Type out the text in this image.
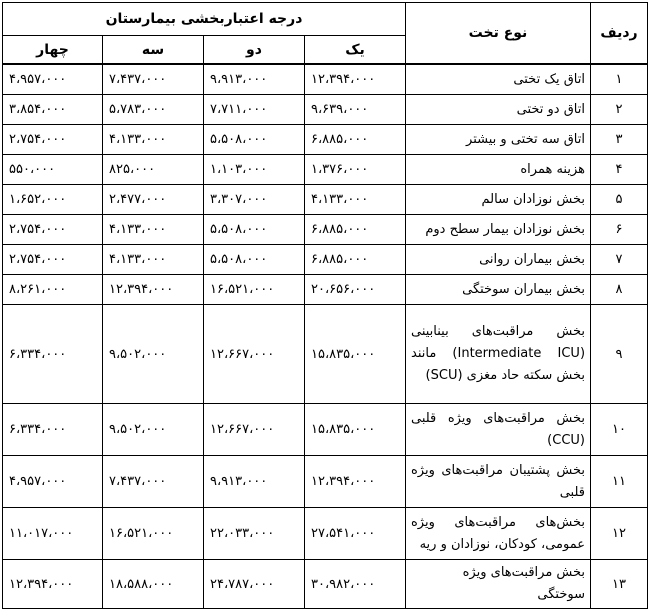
ردیف	نوع تخت	درجه اعتباربخشی بیمارستان			
		یک	دو	سه	چهار
۱	اتاق یک تختی	۱۲،۳۹۴،۰۰۰	۹،۹۱۳،۰۰۰	۷،۴۳۷،۰۰۰	۴،۹۵۷،۰۰۰
۲	اتاق دو تختی	۹،۶۳۹،۰۰۰	۷،۷۱۱،۰۰۰	۵،۷۸۳،۰۰۰	۳،۸۵۴،۰۰۰
۳	اتاق سه تختی و بیشتر	۶،۸۸۵،۰۰۰	۵،۵۰۸،۰۰۰	۴،۱۳۳،۰۰۰	۲،۷۵۴،۰۰۰
۴	هزینه همراه	۱،۳۷۶،۰۰۰	۱،۱۰۳،۰۰۰	۸۲۵،۰۰۰	۵۵۰،۰۰۰
۵	بخش نوزادان سالم	۴،۱۳۳،۰۰۰	۳،۳۰۷،۰۰۰	۲،۴۷۷،۰۰۰	۱،۶۵۲،۰۰۰
۶	بخش نوزادان بیمار سطح دوم	۶،۸۸۵،۰۰۰	۵،۵۰۸،۰۰۰	۴،۱۳۳،۰۰۰	۲،۷۵۴،۰۰۰
۷	بخش بیماران روانی	۶،۸۸۵،۰۰۰	۵،۵۰۸،۰۰۰	۴،۱۳۳،۰۰۰	۲،۷۵۴،۰۰۰
۸	بخش بیماران سوختگی	۲۰،۶۵۶،۰۰۰	۱۶،۵۲۱،۰۰۰	۱۲،۳۹۴،۰۰۰	۸،۲۶۱،۰۰۰
۹	بخش مراقبت‌های بینابینی (Intermediate ICU) مانند بخش سکته حاد مغزی (SCU)	۱۵،۸۳۵،۰۰۰	۱۲،۶۶۷،۰۰۰	۹،۵۰۲،۰۰۰	۶،۳۳۴،۰۰۰
۱۰	بخش مراقبت‌های ویژه قلبی (CCU)	۱۵،۸۳۵،۰۰۰	۱۲،۶۶۷،۰۰۰	۹،۵۰۲،۰۰۰	۶،۳۳۴،۰۰۰
۱۱	بخش پشتیبان مراقبت‌های ویژه قلبی	۱۲،۳۹۴،۰۰۰	۹،۹۱۳،۰۰۰	۷،۴۳۷،۰۰۰	۴،۹۵۷،۰۰۰
۱۲	بخش‌های مراقبت‌های ویژه عمومی، کودکان، نوزادان و ریه	۲۷،۵۴۱،۰۰۰	۲۲،۰۳۳،۰۰۰	۱۶،۵۲۱،۰۰۰	۱۱،۰۱۷،۰۰۰
۱۳	بخش مراقبت‌های ویژه سوختگی	۳۰،۹۸۲،۰۰۰	۲۴،۷۸۷،۰۰۰	۱۸،۵۸۸،۰۰۰	۱۲،۳۹۴،۰۰۰
